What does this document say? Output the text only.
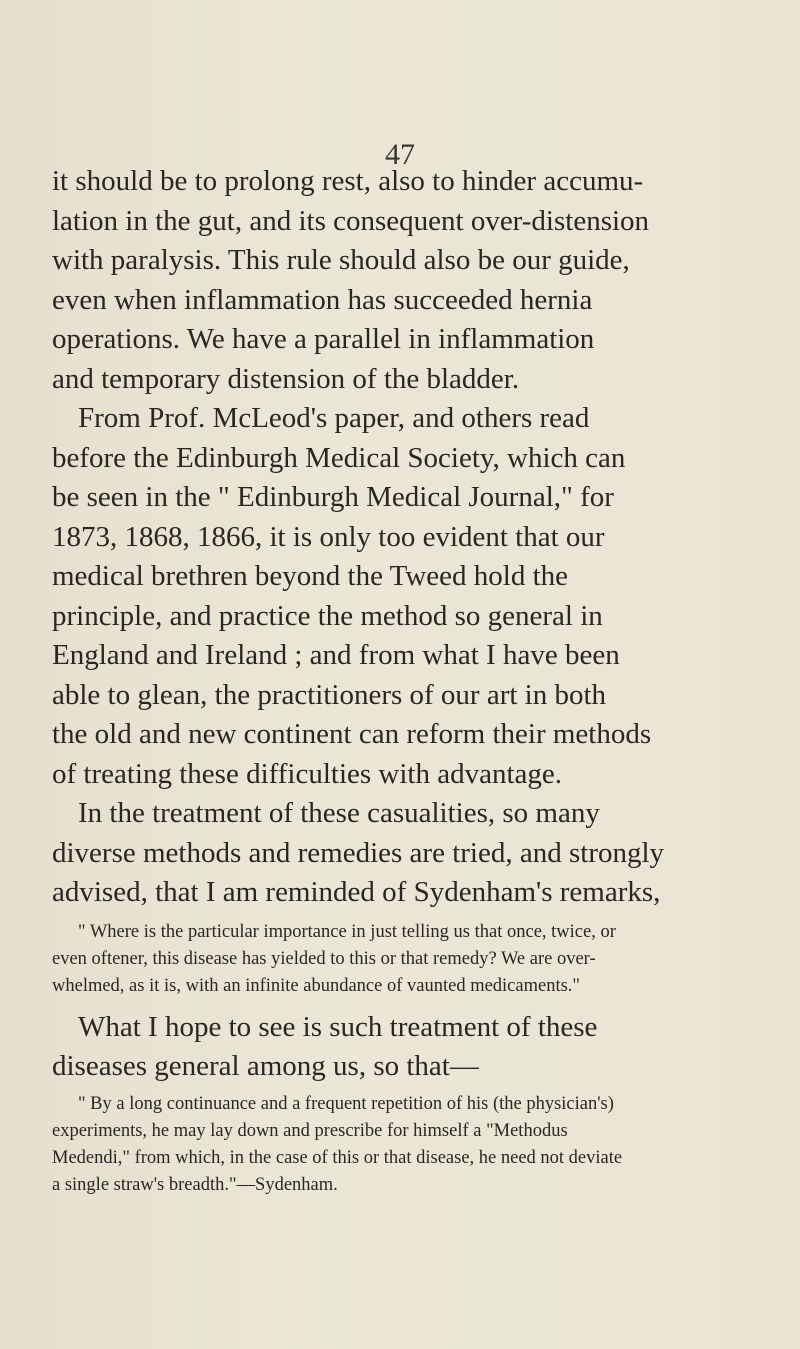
47
it should be to prolong rest, also to hinder accumu-
lation in the gut, and its consequent over-distension
with paralysis. This rule should also be our guide,
even when inflammation has succeeded hernia
operations. We have a parallel in inflammation
and temporary distension of the bladder.
From Prof. McLeod's paper, and others read
before the Edinburgh Medical Society, which can
be seen in the " Edinburgh Medical Journal," for
1873, 1868, 1866, it is only too evident that our
medical brethren beyond the Tweed hold the
principle, and practice the method so general in
England and Ireland ; and from what I have been
able to glean, the practitioners of our art in both
the old and new continent can reform their methods
of treating these difficulties with advantage.
In the treatment of these casualities, so many
diverse methods and remedies are tried, and strongly
advised, that I am reminded of Sydenham's remarks,
" Where is the particular importance in just telling us that once, twice, or
even oftener, this disease has yielded to this or that remedy? We are over-
whelmed, as it is, with an infinite abundance of vaunted medicaments."
What I hope to see is such treatment of these
diseases general among us, so that—
" By a long continuance and a frequent repetition of his (the physician's)
experiments, he may lay down and prescribe for himself a "Methodus
Medendi," from which, in the case of this or that disease, he need not deviate
a single straw's breadth."—Sydenham.
